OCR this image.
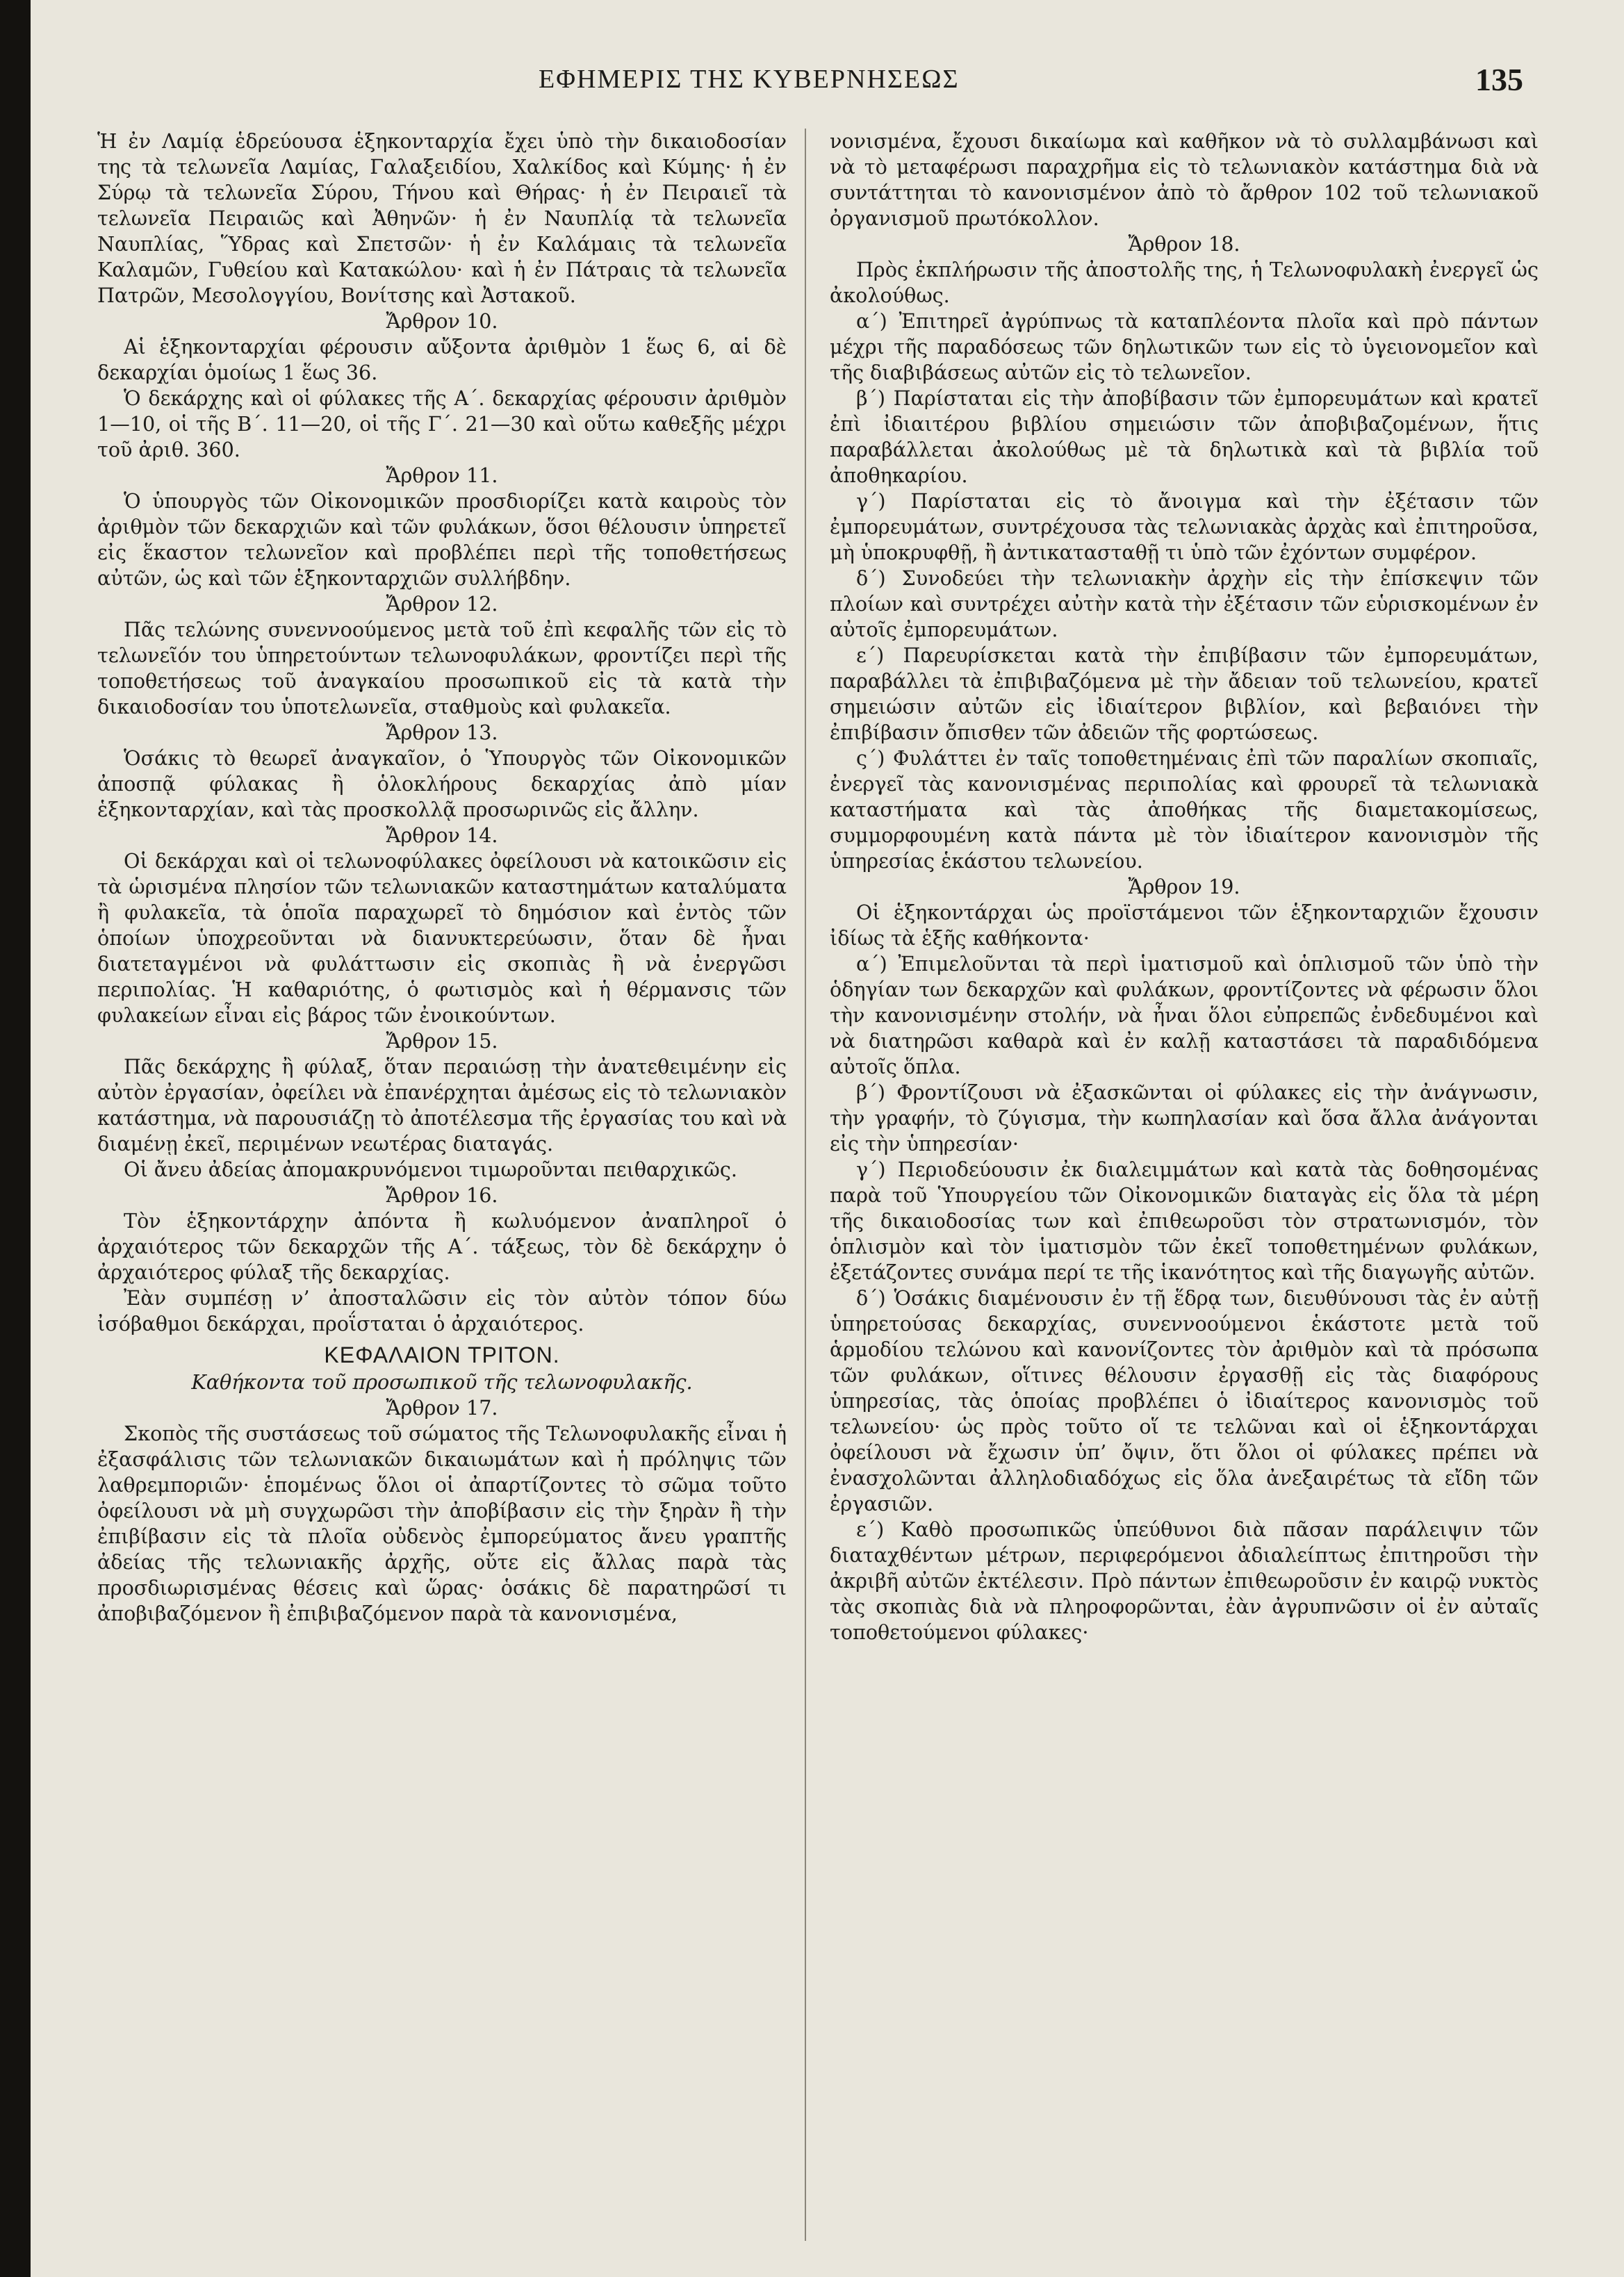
ΕΦΗΜΕΡΙΣ ΤΗΣ ΚΥΒΕΡΝΗΣΕΩΣ	135

Ἡ ἐν Λαμίᾳ ἑδρεύουσα ἑξηκονταρχία ἔχει ὑπὸ τὴν δικαιοδοσίαν της τὰ τελωνεῖα Λαμίας, Γαλαξειδίου, Χαλκίδος καὶ Κύμης· ἡ ἐν Σύρῳ τὰ τελωνεῖα Σύρου, Τήνου καὶ Θήρας· ἡ ἐν Πειραιεῖ τὰ τελωνεῖα Πειραιῶς καὶ Ἀθηνῶν· ἡ ἐν Ναυπλίᾳ τὰ τελωνεῖα Ναυπλίας, Ὕδρας καὶ Σπετσῶν· ἡ ἐν Καλάμαις τὰ τελωνεῖα Καλαμῶν, Γυθείου καὶ Κατακώλου· καὶ ἡ ἐν Πάτραις τὰ τελωνεῖα Πατρῶν, Μεσολογγίου, Βονίτσης καὶ Ἀστακοῦ.

Ἄρθρον 10.

Αἱ ἑξηκονταρχίαι φέρουσιν αὔξοντα ἀριθμὸν 1 ἕως 6, αἱ δὲ δεκαρχίαι ὁμοίως 1 ἕως 36.

Ὁ δεκάρχης καὶ οἱ φύλακες τῆς Α΄. δεκαρχίας φέρουσιν ἀριθμὸν 1—10, οἱ τῆς Β΄. 11—20, οἱ τῆς Γ΄. 21—30 καὶ οὕτω καθεξῆς μέχρι τοῦ ἀριθ. 360.

Ἄρθρον 11.

Ὁ ὑπουργὸς τῶν Οἰκονομικῶν προσδιορίζει κατὰ καιροὺς τὸν ἀριθμὸν τῶν δεκαρχιῶν καὶ τῶν φυλάκων, ὅσοι θέλουσιν ὑπηρετεῖ εἰς ἕκαστον τελωνεῖον καὶ προβλέπει περὶ τῆς τοποθετήσεως αὐτῶν, ὡς καὶ τῶν ἑξηκονταρχιῶν συλλήβδην.

Ἄρθρον 12.

Πᾶς τελώνης συνεννοούμενος μετὰ τοῦ ἐπὶ κεφαλῆς τῶν εἰς τὸ τελωνεῖόν του ὑπηρετούντων τελωνοφυλάκων, φροντίζει περὶ τῆς τοποθετήσεως τοῦ ἀναγκαίου προσωπικοῦ εἰς τὰ κατὰ τὴν δικαιοδοσίαν του ὑποτελωνεῖα, σταθμοὺς καὶ φυλακεῖα.

Ἄρθρον 13.

Ὁσάκις τὸ θεωρεῖ ἀναγκαῖον, ὁ Ὑπουργὸς τῶν Οἰκονομικῶν ἀποσπᾷ φύλακας ἢ ὁλοκλήρους δεκαρχίας ἀπὸ μίαν ἑξηκονταρχίαν, καὶ τὰς προσκολλᾷ προσωρινῶς εἰς ἄλλην.

Ἄρθρον 14.

Οἱ δεκάρχαι καὶ οἱ τελωνοφύλακες ὀφείλουσι νὰ κατοικῶσιν εἰς τὰ ὡρισμένα πλησίον τῶν τελωνιακῶν καταστημάτων καταλύματα ἢ φυλακεῖα, τὰ ὁποῖα παραχωρεῖ τὸ δημόσιον καὶ ἐντὸς τῶν ὁποίων ὑποχρεοῦνται νὰ διανυκτερεύωσιν, ὅταν δὲ ἦναι διατεταγμένοι νὰ φυλάττωσιν εἰς σκοπιὰς ἢ νὰ ἐνεργῶσι περιπολίας. Ἡ καθαριότης, ὁ φωτισμὸς καὶ ἡ θέρμανσις τῶν φυλακείων εἶναι εἰς βάρος τῶν ἐνοικούντων.

Ἄρθρον 15.

Πᾶς δεκάρχης ἢ φύλαξ, ὅταν περαιώσῃ τὴν ἀνατεθειμένην εἰς αὐτὸν ἐργασίαν, ὀφείλει νὰ ἐπανέρχηται ἀμέσως εἰς τὸ τελωνιακὸν κατάστημα, νὰ παρουσιάζῃ τὸ ἀποτέλεσμα τῆς ἐργασίας του καὶ νὰ διαμένῃ ἐκεῖ, περιμένων νεωτέρας διαταγάς.

Οἱ ἄνευ ἀδείας ἀπομακρυνόμενοι τιμωροῦνται πειθαρχικῶς.

Ἄρθρον 16.

Τὸν ἑξηκοντάρχην ἀπόντα ἢ κωλυόμενον ἀναπληροῖ ὁ ἀρχαιότερος τῶν δεκαρχῶν τῆς Α΄. τάξεως, τὸν δὲ δεκάρχην ὁ ἀρχαιότερος φύλαξ τῆς δεκαρχίας.

Ἐὰν συμπέσῃ ν’ ἀποσταλῶσιν εἰς τὸν αὐτὸν τόπον δύω ἰσόβαθμοι δεκάρχαι, προΐσταται ὁ ἀρχαιότερος.

ΚΕΦΑΛΑΙΟΝ ΤΡΙΤΟΝ.

Καθήκοντα τοῦ προσωπικοῦ τῆς τελωνοφυλακῆς.

Ἄρθρον 17.

Σκοπὸς τῆς συστάσεως τοῦ σώματος τῆς Τελωνοφυλακῆς εἶναι ἡ ἐξασφάλισις τῶν τελωνιακῶν δικαιωμάτων καὶ ἡ πρόληψις τῶν λαθρεμποριῶν· ἑπομένως ὅλοι οἱ ἀπαρτίζοντες τὸ σῶμα τοῦτο ὀφείλουσι νὰ μὴ συγχωρῶσι τὴν ἀποβίβασιν εἰς τὴν ξηρὰν ἢ τὴν ἐπιβίβασιν εἰς τὰ πλοῖα οὐδενὸς ἐμπορεύματος ἄνευ γραπτῆς ἀδείας τῆς τελωνιακῆς ἀρχῆς, οὔτε εἰς ἄλλας παρὰ τὰς προσδιωρισμένας θέσεις καὶ ὥρας· ὁσάκις δὲ παρατηρῶσί τι ἀποβιβαζόμενον ἢ ἐπιβιβαζόμενον παρὰ τὰ κανονισμένα,

νονισμένα, ἔχουσι δικαίωμα καὶ καθῆκον νὰ τὸ συλλαμβάνωσι καὶ νὰ τὸ μεταφέρωσι παραχρῆμα εἰς τὸ τελωνιακὸν κατάστημα διὰ νὰ συντάττηται τὸ κανονισμένον ἀπὸ τὸ ἄρθρον 102 τοῦ τελωνιακοῦ ὀργανισμοῦ πρωτόκολλον.

Ἄρθρον 18.

Πρὸς ἐκπλήρωσιν τῆς ἀποστολῆς της, ἡ Τελωνοφυλακὴ ἐνεργεῖ ὡς ἀκολούθως.

α΄) Ἐπιτηρεῖ ἀγρύπνως τὰ καταπλέοντα πλοῖα καὶ πρὸ πάντων μέχρι τῆς παραδόσεως τῶν δηλωτικῶν των εἰς τὸ ὑγειονομεῖον καὶ τῆς διαβιβάσεως αὐτῶν εἰς τὸ τελωνεῖον.

β΄) Παρίσταται εἰς τὴν ἀποβίβασιν τῶν ἐμπορευμάτων καὶ κρατεῖ ἐπὶ ἰδιαιτέρου βιβλίου σημειώσιν τῶν ἀποβιβαζομένων, ἥτις παραβάλλεται ἀκολούθως μὲ τὰ δηλωτικὰ καὶ τὰ βιβλία τοῦ ἀποθηκαρίου.

γ΄) Παρίσταται εἰς τὸ ἄνοιγμα καὶ τὴν ἐξέτασιν τῶν ἐμπορευμάτων, συντρέχουσα τὰς τελωνιακὰς ἀρχὰς καὶ ἐπιτηροῦσα, μὴ ὑποκρυφθῇ, ἢ ἀντικατασταθῇ τι ὑπὸ τῶν ἐχόντων συμφέρον.

δ΄) Συνοδεύει τὴν τελωνιακὴν ἀρχὴν εἰς τὴν ἐπίσκεψιν τῶν πλοίων καὶ συντρέχει αὐτὴν κατὰ τὴν ἐξέτασιν τῶν εὑρισκομένων ἐν αὐτοῖς ἐμπορευμάτων.

ε΄) Παρευρίσκεται κατὰ τὴν ἐπιβίβασιν τῶν ἐμπορευμάτων, παραβάλλει τὰ ἐπιβιβαζόμενα μὲ τὴν ἄδειαν τοῦ τελωνείου, κρατεῖ σημειώσιν αὐτῶν εἰς ἰδιαίτερον βιβλίον, καὶ βεβαιόνει τὴν ἐπιβίβασιν ὄπισθεν τῶν ἀδειῶν τῆς φορτώσεως.

ς΄) Φυλάττει ἐν ταῖς τοποθετημέναις ἐπὶ τῶν παραλίων σκοπιαῖς, ἐνεργεῖ τὰς κανονισμένας περιπολίας καὶ φρουρεῖ τὰ τελωνιακὰ καταστήματα καὶ τὰς ἀποθήκας τῆς διαμετακομίσεως, συμμορφουμένη κατὰ πάντα μὲ τὸν ἰδιαίτερον κανονισμὸν τῆς ὑπηρεσίας ἑκάστου τελωνείου.

Ἄρθρον 19.

Οἱ ἑξηκοντάρχαι ὡς προϊστάμενοι τῶν ἑξηκονταρχιῶν ἔχουσιν ἰδίως τὰ ἑξῆς καθήκοντα·

α΄) Ἐπιμελοῦνται τὰ περὶ ἱματισμοῦ καὶ ὁπλισμοῦ τῶν ὑπὸ τὴν ὁδηγίαν των δεκαρχῶν καὶ φυλάκων, φροντίζοντες νὰ φέρωσιν ὅλοι τὴν κανονισμένην στολήν, νὰ ἦναι ὅλοι εὐπρεπῶς ἐνδεδυμένοι καὶ νὰ διατηρῶσι καθαρὰ καὶ ἐν καλῇ καταστάσει τὰ παραδιδόμενα αὐτοῖς ὅπλα.

β΄) Φροντίζουσι νὰ ἐξασκῶνται οἱ φύλακες εἰς τὴν ἀνάγνωσιν, τὴν γραφήν, τὸ ζύγισμα, τὴν κωπηλασίαν καὶ ὅσα ἄλλα ἀνάγονται εἰς τὴν ὑπηρεσίαν·

γ΄) Περιοδεύουσιν ἐκ διαλειμμάτων καὶ κατὰ τὰς δοθησομένας παρὰ τοῦ Ὑπουργείου τῶν Οἰκονομικῶν διαταγὰς εἰς ὅλα τὰ μέρη τῆς δικαιοδοσίας των καὶ ἐπιθεωροῦσι τὸν στρατωνισμόν, τὸν ὁπλισμὸν καὶ τὸν ἱματισμὸν τῶν ἐκεῖ τοποθετημένων φυλάκων, ἐξετάζοντες συνάμα περί τε τῆς ἱκανότητος καὶ τῆς διαγωγῆς αὐτῶν.

δ΄) Ὁσάκις διαμένουσιν ἐν τῇ ἕδρᾳ των, διευθύνουσι τὰς ἐν αὐτῇ ὑπηρετούσας δεκαρχίας, συνεννοούμενοι ἑκάστοτε μετὰ τοῦ ἁρμοδίου τελώνου καὶ κανονίζοντες τὸν ἀριθμὸν καὶ τὰ πρόσωπα τῶν φυλάκων, οἵτινες θέλουσιν ἐργασθῇ εἰς τὰς διαφόρους ὑπηρεσίας, τὰς ὁποίας προβλέπει ὁ ἰδιαίτερος κανονισμὸς τοῦ τελωνείου· ὡς πρὸς τοῦτο οἵ τε τελῶναι καὶ οἱ ἑξηκοντάρχαι ὀφείλουσι νὰ ἔχωσιν ὑπ’ ὄψιν, ὅτι ὅλοι οἱ φύλακες πρέπει νὰ ἐνασχολῶνται ἀλληλοδιαδόχως εἰς ὅλα ἀνεξαιρέτως τὰ εἴδη τῶν ἐργασιῶν.

ε΄) Καθὸ προσωπικῶς ὑπεύθυνοι διὰ πᾶσαν παράλειψιν τῶν διαταχθέντων μέτρων, περιφερόμενοι ἀδιαλείπτως ἐπιτηροῦσι τὴν ἀκριβῆ αὐτῶν ἐκτέλεσιν. Πρὸ πάντων ἐπιθεωροῦσιν ἐν καιρῷ νυκτὸς τὰς σκοπιὰς διὰ νὰ πληροφορῶνται, ἐὰν ἀγρυπνῶσιν οἱ ἐν αὐταῖς τοποθετούμενοι φύλακες·
